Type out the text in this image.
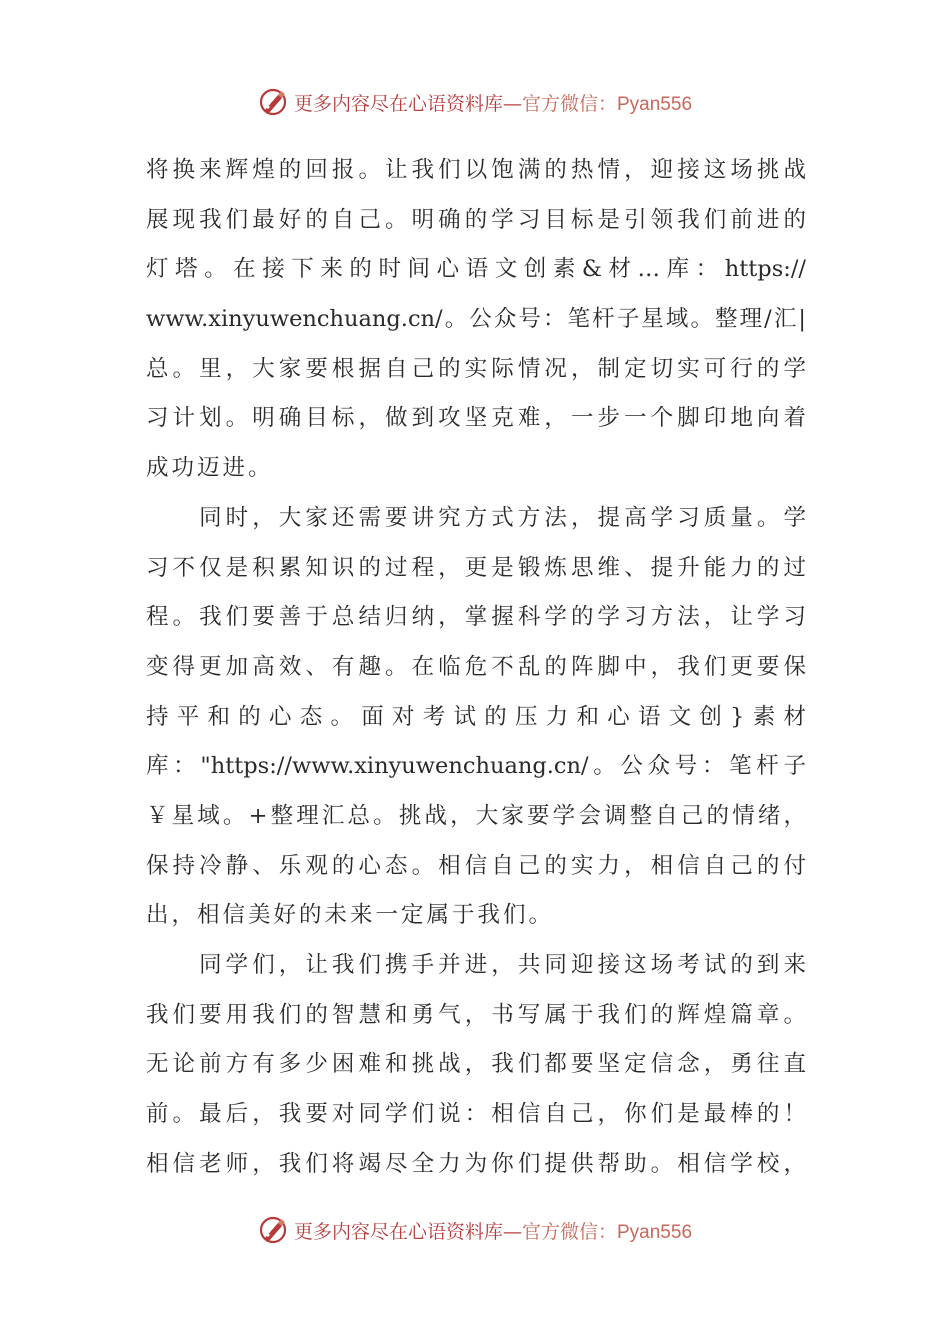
更多内容尽在心语资料库—官方微信：Pyan556
将换来辉煌的回报。让我们以饱满的热情，迎接这场挑战
展现我们最好的自己。明确的学习目标是引领我们前进的
灯塔。在接下来的时间心语文创素&材…库：https://
www.xinyuwenchuang.cn/。公众号：笔杆子星域。整理/汇|
总。里，大家要根据自己的实际情况，制定切实可行的学
习计划。明确目标，做到攻坚克难，一步一个脚印地向着
成功迈进。
　　同时，大家还需要讲究方式方法，提高学习质量。学
习不仅是积累知识的过程，更是锻炼思维、提升能力的过
程。我们要善于总结归纳，掌握科学的学习方法，让学习
变得更加高效、有趣。在临危不乱的阵脚中，我们更要保
持平和的心态。面对考试的压力和心语文创}素材
库："https://www.xinyuwenchuang.cn/。公众号：笔杆子
￥星域。+整理汇总。挑战，大家要学会调整自己的情绪，
保持冷静、乐观的心态。相信自己的实力，相信自己的付
出，相信美好的未来一定属于我们。
　　同学们，让我们携手并进，共同迎接这场考试的到来
我们要用我们的智慧和勇气，书写属于我们的辉煌篇章。
无论前方有多少困难和挑战，我们都要坚定信念，勇往直
前。最后，我要对同学们说：相信自己，你们是最棒的！
相信老师，我们将竭尽全力为你们提供帮助。相信学校，
更多内容尽在心语资料库—官方微信：Pyan556
